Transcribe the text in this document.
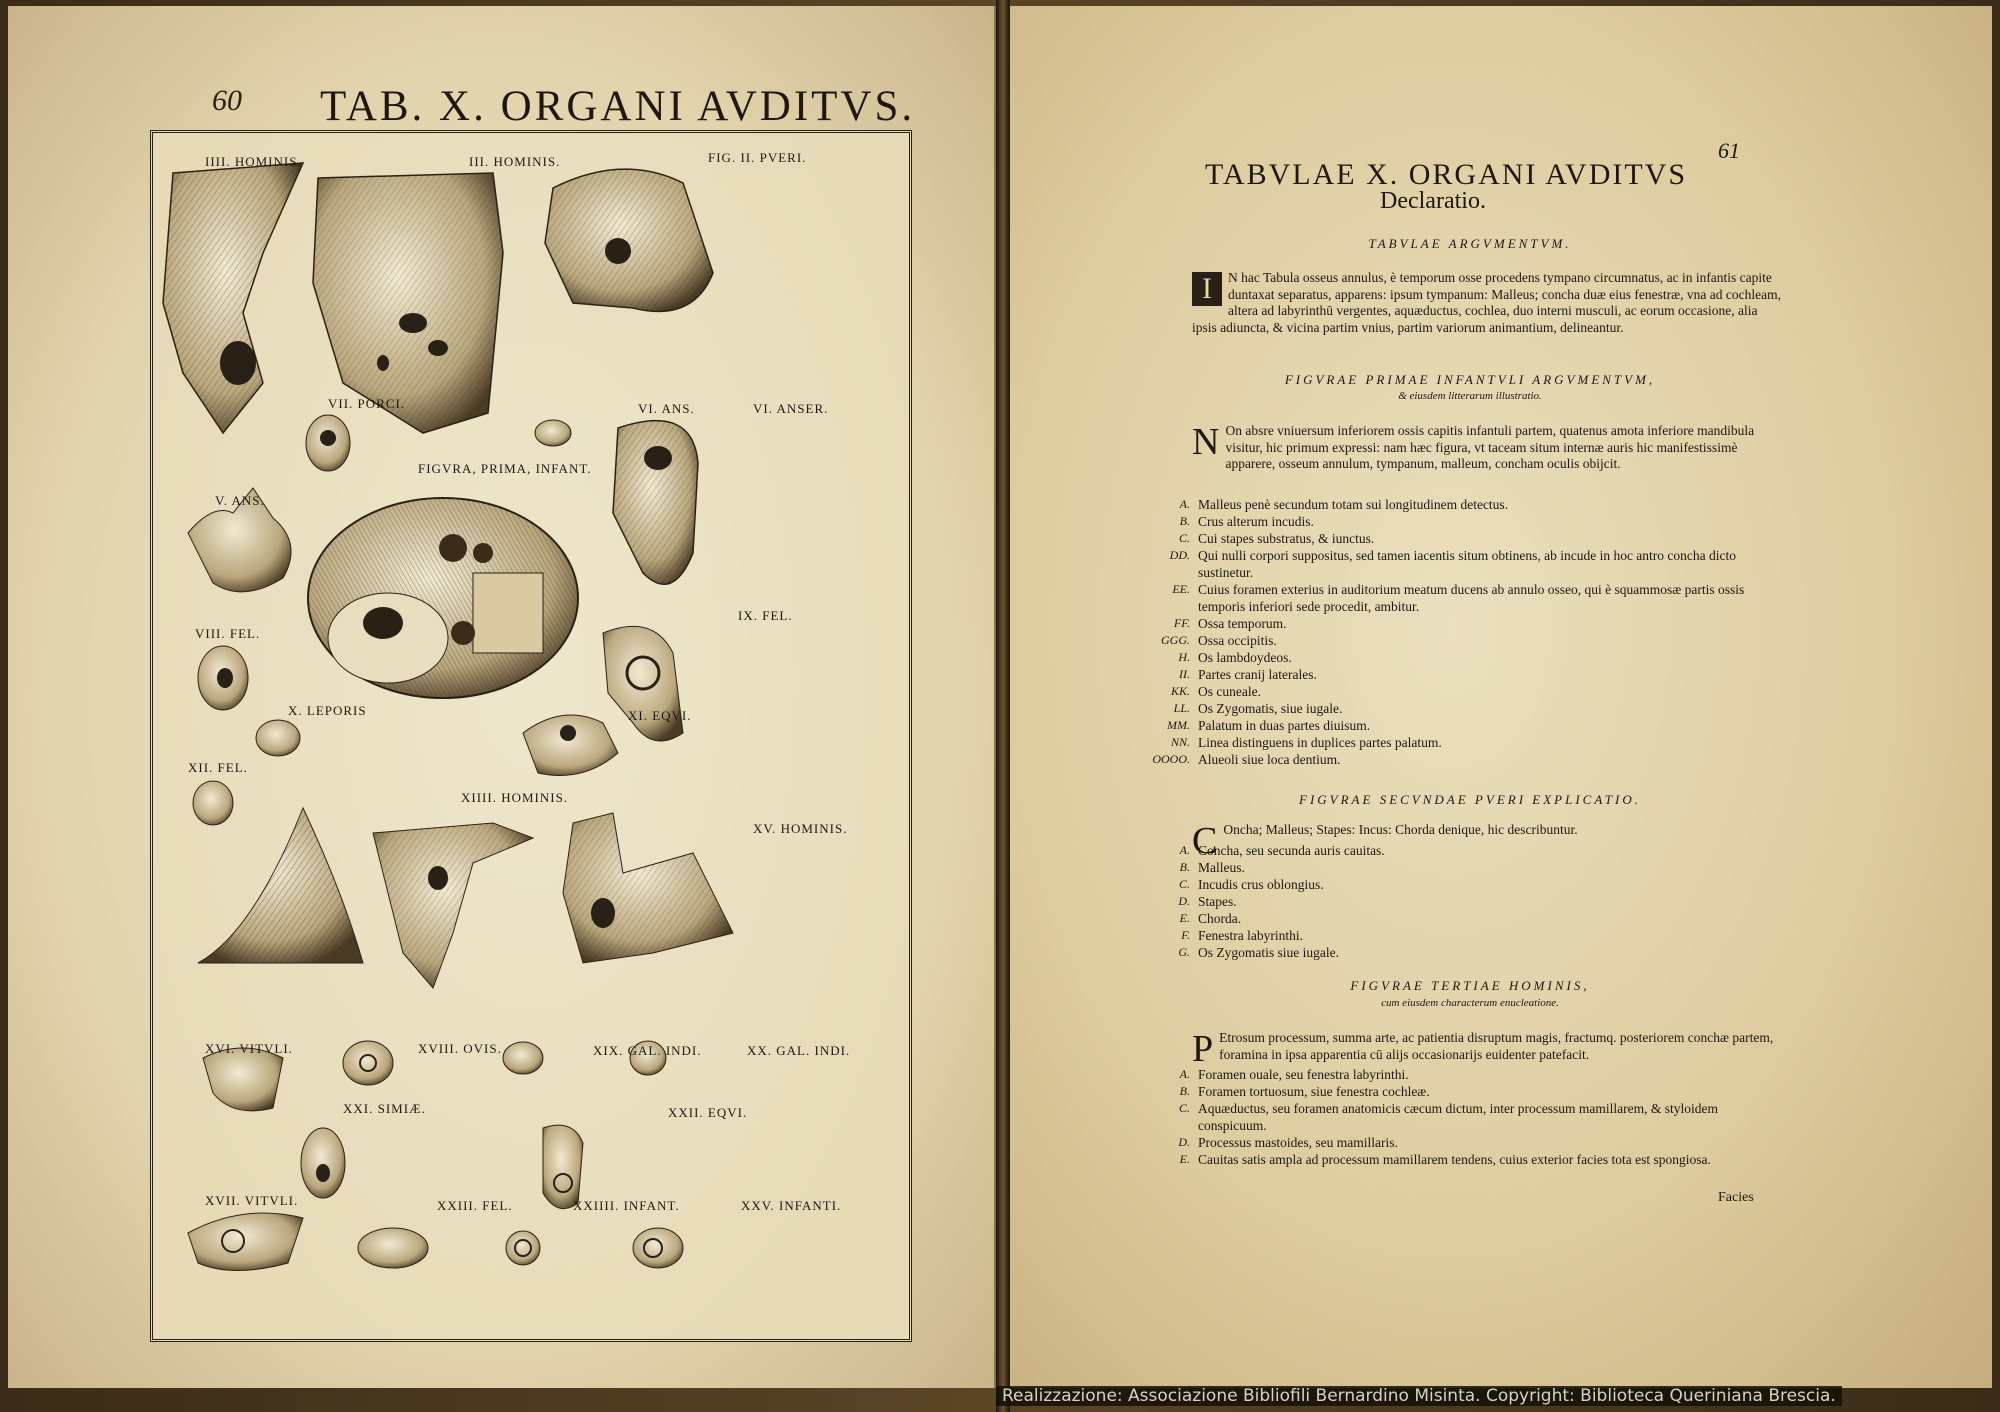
60 TAB. X. ORGANI AVDITVS.
IIII. HOMINIS.	III. HOMINIS.	FIG. II. PVERI.
VII. PORCI.	VI. ANS.	VI. ANSER.
FIGVRA, PRIMA, INFANT.
V. ANS.
VIII. FEL.
IX. FEL.
X. LEPORIS	XI. EQVI.
XII. FEL.
XIIII. HOMINIS.
XV. HOMINIS.
XVI. VITVLI.	XVIII. OVIS.	XIX. GAL. INDI.	XX. GAL. INDI.
XXI. SIMIÆ.	XXII. EQVI.
XVII. VITVLI.	XXIII. FEL.	XXIIII. INFANT.	XXV. INFANTI.
61
TABVLAE X. ORGANI AVDITVS
Declaratio.
TABVLAE ARGVMENTVM.
I	N hac Tabula osseus annulus, è temporum osse procedens tympano circumnatus, ac in infantis capite duntaxat separatus, apparens: ipsum tympanum: Malleus; concha duæ eius fenestræ, vna ad cochleam, altera ad labyrinthū vergentes, aquæductus, cochlea, duo interni musculi, ac eorum occasione, alia ipsis adiuncta, & vicina partim vnius, partim variorum animantium, delineantur.
FIGVRAE PRIMAE INFANTVLI ARGVMENTVM,
& eiusdem litterarum illustratio.
N On absre vniuersum inferiorem ossis capitis infantuli partem, quatenus amota inferiore mandibula visitur, hic primum expressi: nam hæc figura, vt taceam situm internæ auris hic manifestissimè apparere, osseum annulum, tympanum, malleum, concham oculis obijcit.
A. Malleus penè secundum totam sui longitudinem detectus.
B. Crus alterum incudis.
C. Cui stapes substratus, & iunctus.
DD. Qui nulli corpori suppositus, sed tamen iacentis situm obtinens, ab incude in hoc antro concha dicto sustinetur.
EE. Cuius foramen exterius in auditorium meatum ducens ab annulo osseo, qui è squammosæ partis ossis temporis inferiori sede procedit, ambitur.
FF. Ossa temporum.
GGG. Ossa occipitis.
H. Os lambdoydeos.
II. Partes cranij laterales.
KK. Os cuneale.
LL. Os Zygomatis, siue iugale.
MM. Palatum in duas partes diuisum.
NN. Linea distinguens in duplices partes palatum.
OOOO. Alueoli siue loca dentium.
FIGVRAE SECVNDAE PVERI EXPLICATIO.
C Oncha; Malleus; Stapes: Incus: Chorda denique, hic describuntur.
A. Concha, seu secunda auris cauitas.
B. Malleus.
C. Incudis crus oblongius.
D. Stapes.
E. Chorda.
F. Fenestra labyrinthi.
G. Os Zygomatis siue iugale.
FIGVRAE TERTIAE HOMINIS,
cum eiusdem characterum enucleatione.
P Etrosum processum, summa arte, ac patientia disruptum magis, fractumq. posteriorem conchæ partem, foramina in ipsa apparentia cū alijs occasionarijs euidenter patefacit.
A. Foramen ouale, seu fenestra labyrinthi.
B. Foramen tortuosum, siue fenestra cochleæ.
C. Aquæductus, seu foramen anatomicis cæcum dictum, inter processum mamillarem, & styloidem conspicuum.
D. Processus mastoides, seu mamillaris.
E. Cauitas satis ampla ad processum mamillarem tendens, cuius exterior facies tota est spongiosa.
Facies
Realizzazione: Associazione Bibliofili Bernardino Misinta. Copyright: Biblioteca Queriniana Brescia.
